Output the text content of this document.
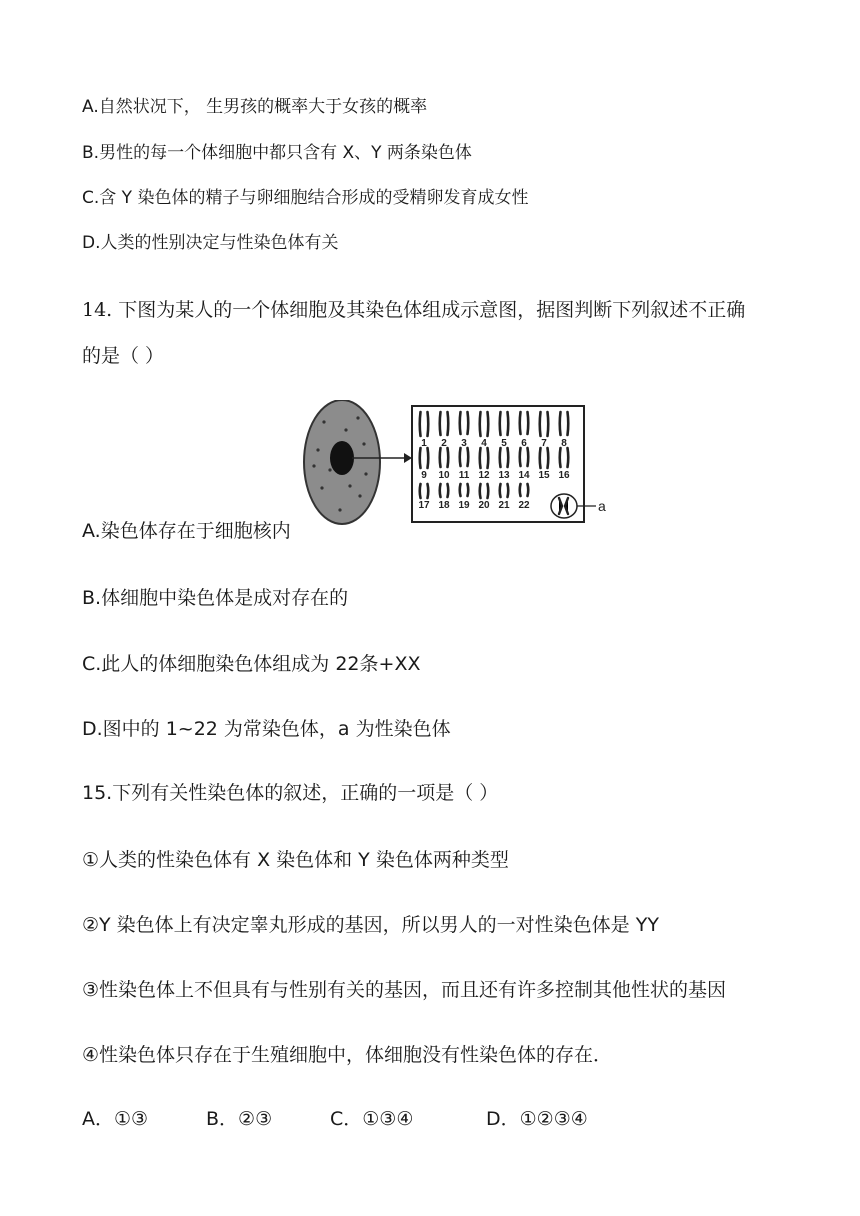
A.自然状况下， 生男孩的概率大于女孩的概率
B.男性的每一个体细胞中都只含有 X、Y 两条染色体
C.含 Y 染色体的精子与卵细胞结合形成的受精卵发育成女性
D.人类的性别决定与性染色体有关
14. 下图为某人的一个体细胞及其染色体组成示意图，据图判断下列叙述不正确
的是（ ）
1 2 3 4 5 6 7 8
9 10 11 12 13 14 15 16
17 18 19 20 21 22	a
A.染色体存在于细胞核内
B.体细胞中染色体是成对存在的
C.此人的体细胞染色体组成为 22条+XX
D.图中的 1~22 为常染色体，a 为性染色体
15.下列有关性染色体的叙述，正确的一项是（ ）
①人类的性染色体有 X 染色体和 Y 染色体两种类型
②Y 染色体上有决定睾丸形成的基因，所以男人的一对性染色体是 YY
③性染色体上不但具有与性别有关的基因，而且还有许多控制其他性状的基因
④性染色体只存在于生殖细胞中，体细胞没有性染色体的存在．
A．①③	B．②③	C．①③④	D．①②③④
